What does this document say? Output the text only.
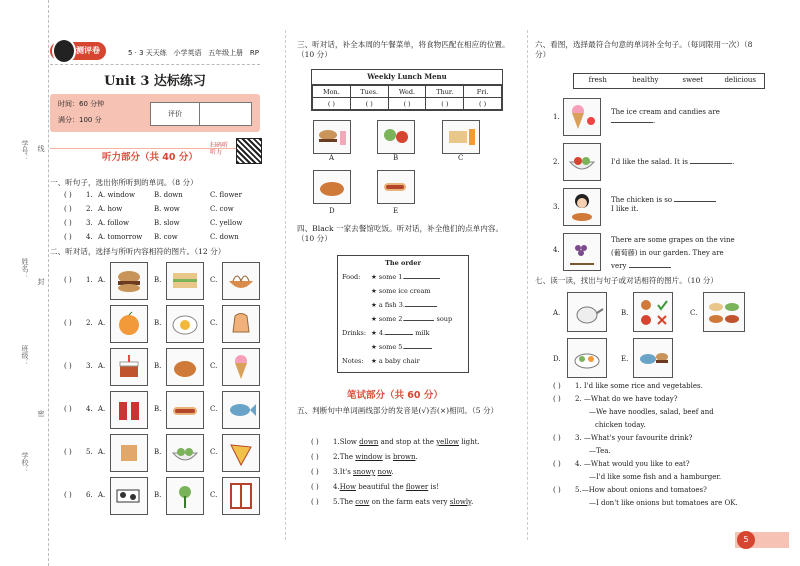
学号：
姓名：
班级：
学校：
线
封
密
测评卷	5 · 3 天天练 小学英语 五年级上册 RP
Unit 3 达标练习
时间：60 分钟
满分：100 分
评价
听力部分（共 40 分）
扫码听听力
一、听句子，选出你所听到的单词。（8 分）
( ) 1. A. window	B. down	C. flower
( ) 2. A. how	B. wow	C. cow
( ) 3. A. follow	B. slow	C. yellow
( ) 4. A. tomorrow B. cow	C. down
二、听对话，选择与所听内容相符的图片。（12 分）
( ) 1. A.	B.	C.
( ) 2. A.	B.	C.
( ) 3. A.	B.	C.
( ) 4. A.	B.	C.
( ) 5. A.	B.	C.
( ) 6. A.	B.	C.
三、听对话，补全本周的午餐菜单，将食物匹配在相应的位置。（10 分）
Weekly Lunch Menu
Mon.	Tues.	Wed.	Thur.	Fri.
( )	( )	( )	( )	( )
A	B	C
D	E
四、Black 一家去餐馆吃饭。听对话，补全他们的点单内容。（10 分）
The order
Food: ★ some 1.
★ some ice cream
★ a fish 3.
★ some 2.	soup
Drinks: ★ 4.	milk
★ some 5.
Notes: ★ a baby chair
笔试部分（共 60 分）
五、判断句中单词画线部分的发音是(√)否(×)相同。（5 分）
( ) 1.Slow down and stop at the yellow light.
( ) 2.The window is brown.
( ) 3.It's snowy now.
( ) 4.How beautiful the flower is!
( ) 5.The cow on the farm eats very slowly.
六、看图，选择最符合句意的单词补全句子。（每词限用一次）（8 分）
fresh	healthy	sweet	delicious
1.
The ice cream and candies are
.
2.	I'd like the salad. It is	.
3.
The chicken is so
I like it.
4.
There are some grapes on the vine
(葡萄藤) in our garden. They are
very
七、读一读，找出与句子或对话相符的图片。（10 分）
A.	B.	C.
D.	E.
( ) 1. I'd like some rice and vegetables.
( ) 2. —What do we have today?
—We have noodles, salad, beef and
chicken today.
( ) 3. —What's your favourite drink?
—Tea.
( ) 4. —What would you like to eat?
—I'd like some fish and a hamburger.
( ) 5.—How about onions and tomatoes?
—I don't like onions but tomatoes are OK.
5
